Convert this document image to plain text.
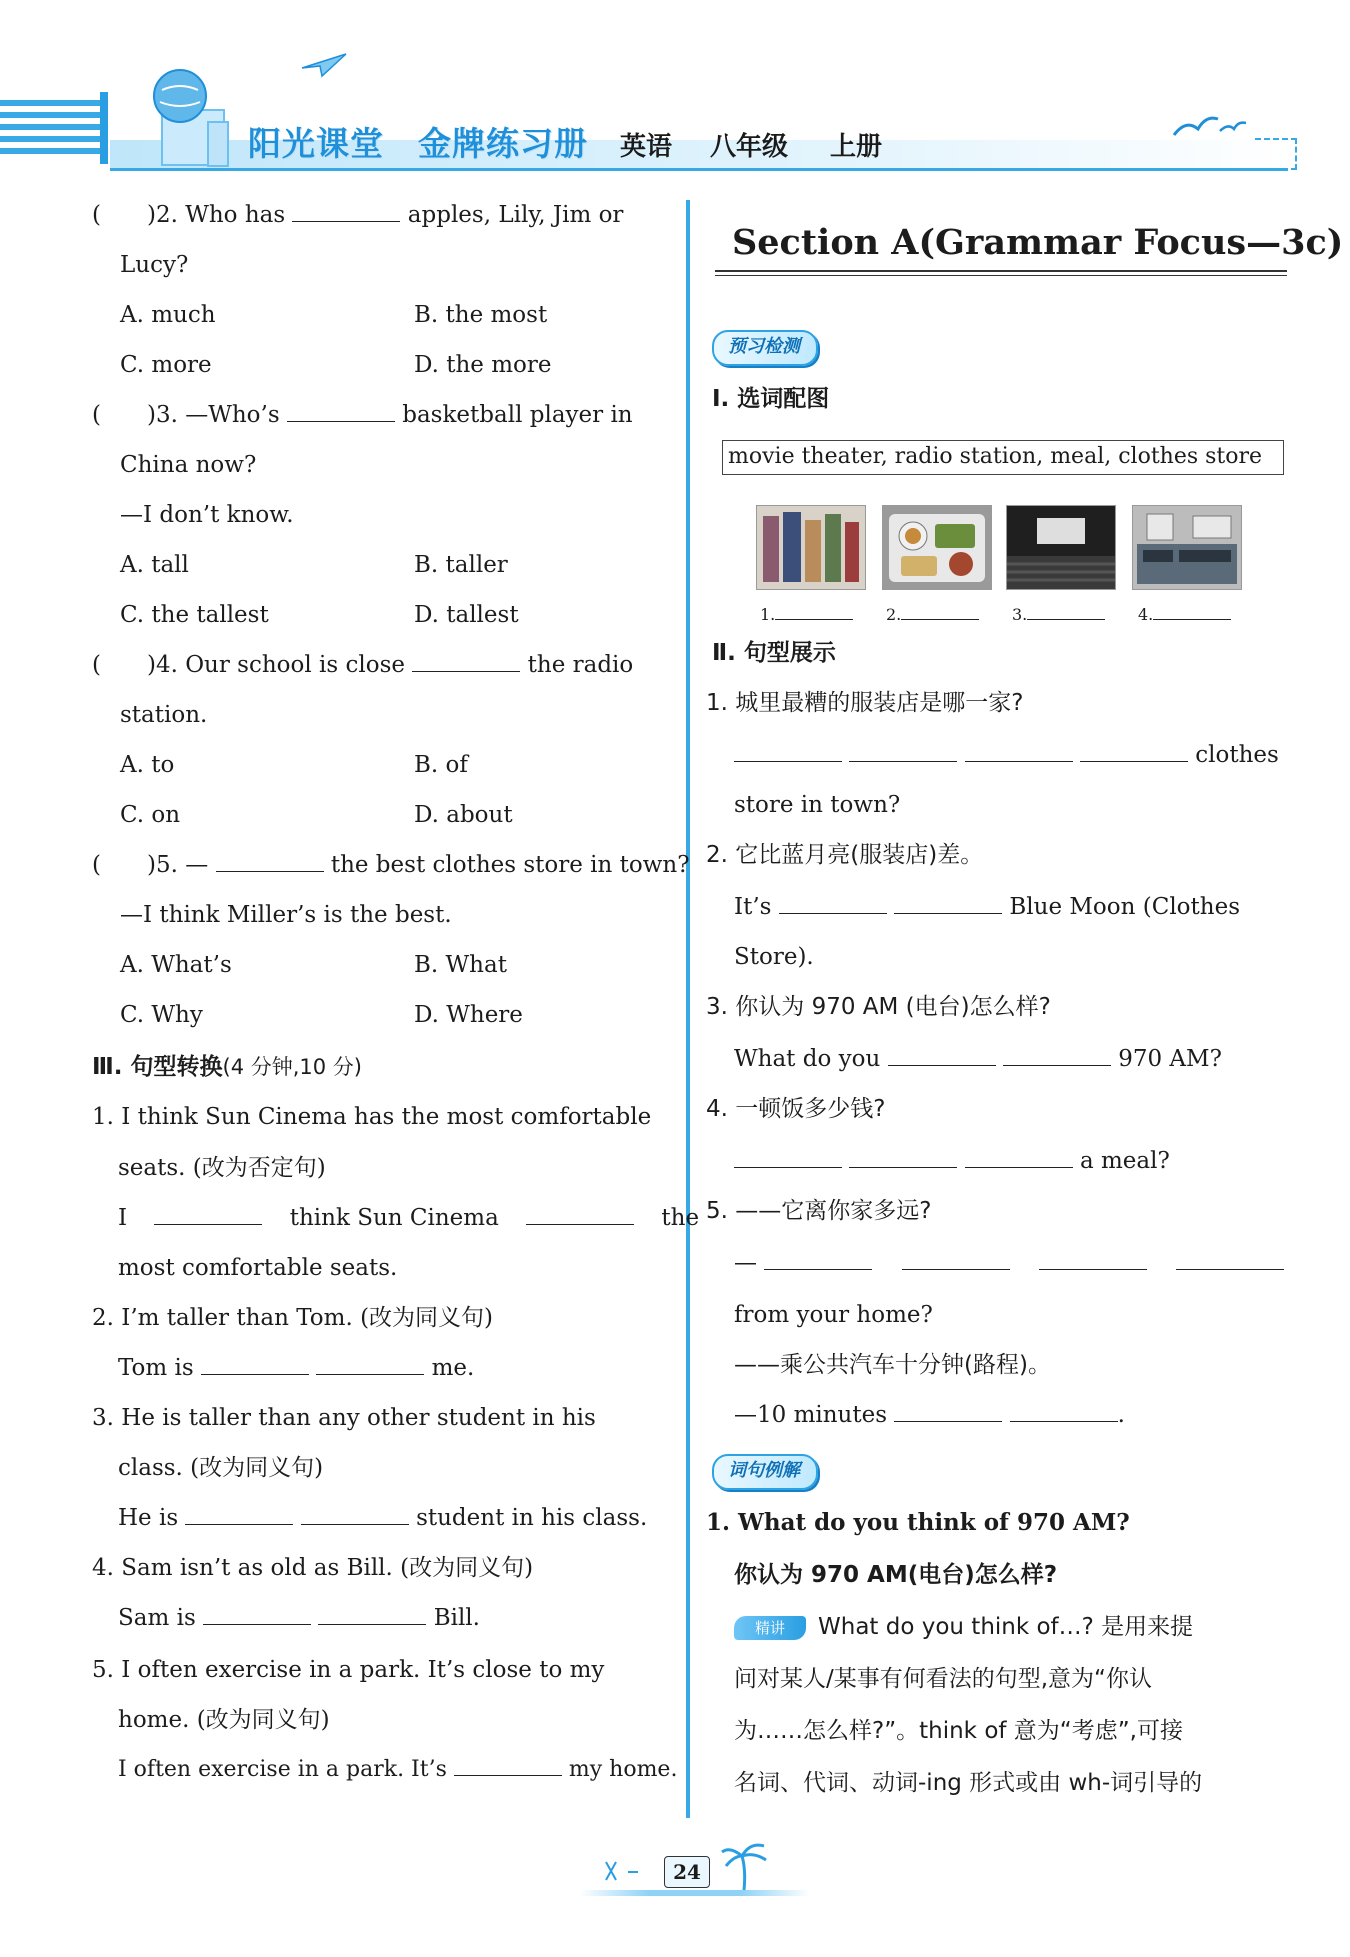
阳光课堂 金牌练习册 英语 八年级 上册
(　　)2. Who has	apples, Lily, Jim or
Lucy?
A. much	B. the most
C. more	D. the more
(　　)3. —Who’s	basketball player in
China now?
—I don’t know.
A. tall	B. taller
C. the tallest	D. tallest
(　　)4. Our school is close	the radio
station.
A. to	B. of
C. on	D. about
(　　)5. —	the best clothes store in town?
—I think Miller’s is the best.
A. What’s	B. What
C. Why	D. Where
Ⅲ. 句型转换(4 分钟,10 分)
1. I think Sun Cinema has the most comfortable
seats. (改为否定句)
I	think Sun Cinema	the
most comfortable seats.
2. I’m taller than Tom. (改为同义句)
Tom is	me.
3. He is taller than any other student in his
class. (改为同义句)
He is	student in his class.
4. Sam isn’t as old as Bill. (改为同义句)
Sam is	Bill.
5. I often exercise in a park. It’s close to my
home. (改为同义句)
I often exercise in a park. It’s	my home.
Section A(Grammar Focus—3c)
预习检测
Ⅰ. 选词配图
movie theater, radio station, meal, clothes store
1.	2.	3.	4.
Ⅱ. 句型展示
1. 城里最糟的服装店是哪一家?
clothes
store in town?
2. 它比蓝月亮(服装店)差。
It’s	Blue Moon (Clothes
Store).
3. 你认为 970 AM (电台)怎么样?
What do you	970 AM?
4. 一顿饭多少钱?
a meal?
5. ——它离你家多远?
—
from your home?
——乘公共汽车十分钟(路程)。
—10 minutes	.
词句例解
1. What do you think of 970 AM?
你认为 970 AM(电台)怎么样?
精讲 What do you think of…? 是用来提
问对某人/某事有何看法的句型,意为“你认
为……怎么样?”。think of 意为“考虑”,可接
名词、代词、动词-ing 形式或由 wh-词引导的
24
